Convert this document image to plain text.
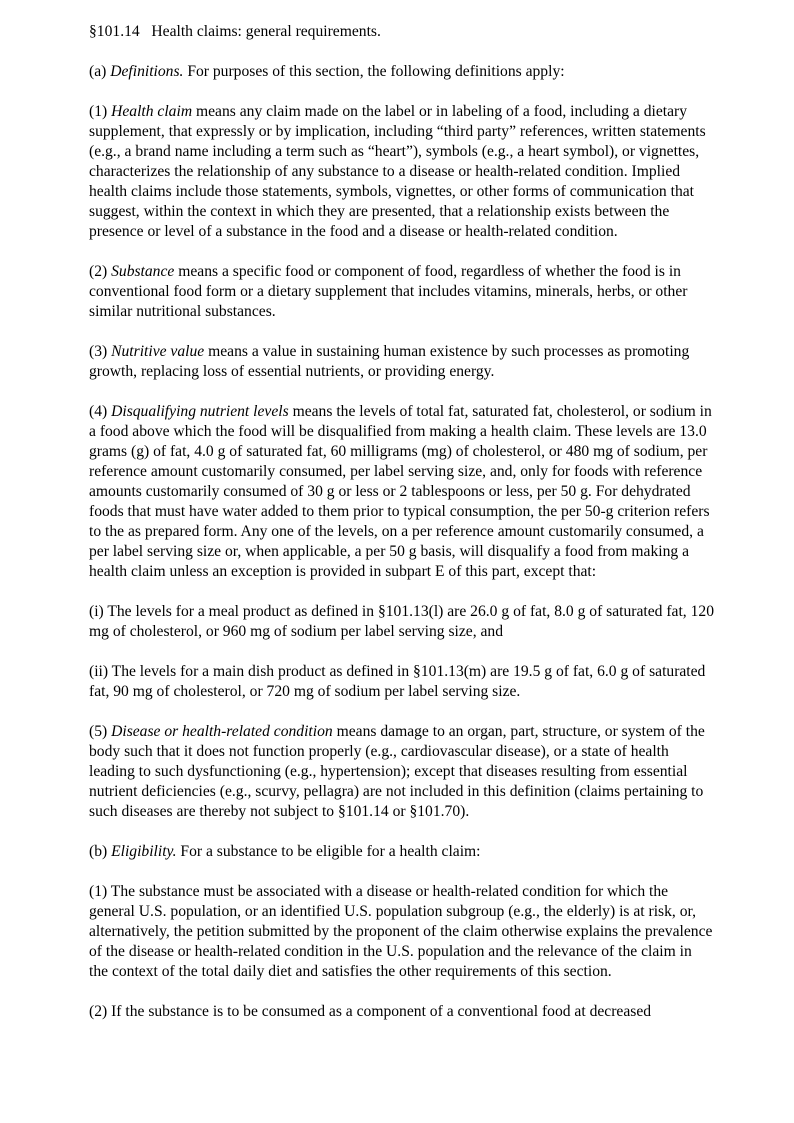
§101.14 Health claims: general requirements.

(a) Definitions. For purposes of this section, the following definitions apply:

(1) Health claim means any claim made on the label or in labeling of a food, including a dietary supplement, that expressly or by implication, including “third party” references, written statements (e.g., a brand name including a term such as “heart”), symbols (e.g., a heart symbol), or vignettes, characterizes the relationship of any substance to a disease or health-related condition. Implied health claims include those statements, symbols, vignettes, or other forms of communication that suggest, within the context in which they are presented, that a relationship exists between the presence or level of a substance in the food and a disease or health-related condition.

(2) Substance means a specific food or component of food, regardless of whether the food is in conventional food form or a dietary supplement that includes vitamins, minerals, herbs, or other similar nutritional substances.

(3) Nutritive value means a value in sustaining human existence by such processes as promoting growth, replacing loss of essential nutrients, or providing energy.

(4) Disqualifying nutrient levels means the levels of total fat, saturated fat, cholesterol, or sodium in a food above which the food will be disqualified from making a health claim. These levels are 13.0 grams (g) of fat, 4.0 g of saturated fat, 60 milligrams (mg) of cholesterol, or 480 mg of sodium, per reference amount customarily consumed, per label serving size, and, only for foods with reference amounts customarily consumed of 30 g or less or 2 tablespoons or less, per 50 g. For dehydrated foods that must have water added to them prior to typical consumption, the per 50-g criterion refers to the as prepared form. Any one of the levels, on a per reference amount customarily consumed, a per label serving size or, when applicable, a per 50 g basis, will disqualify a food from making a health claim unless an exception is provided in subpart E of this part, except that:

(i) The levels for a meal product as defined in §101.13(l) are 26.0 g of fat, 8.0 g of saturated fat, 120 mg of cholesterol, or 960 mg of sodium per label serving size, and

(ii) The levels for a main dish product as defined in §101.13(m) are 19.5 g of fat, 6.0 g of saturated fat, 90 mg of cholesterol, or 720 mg of sodium per label serving size.

(5) Disease or health-related condition means damage to an organ, part, structure, or system of the body such that it does not function properly (e.g., cardiovascular disease), or a state of health leading to such dysfunctioning (e.g., hypertension); except that diseases resulting from essential nutrient deficiencies (e.g., scurvy, pellagra) are not included in this definition (claims pertaining to such diseases are thereby not subject to §101.14 or §101.70).

(b) Eligibility. For a substance to be eligible for a health claim:

(1) The substance must be associated with a disease or health-related condition for which the general U.S. population, or an identified U.S. population subgroup (e.g., the elderly) is at risk, or, alternatively, the petition submitted by the proponent of the claim otherwise explains the prevalence of the disease or health-related condition in the U.S. population and the relevance of the claim in the context of the total daily diet and satisfies the other requirements of this section.

(2) If the substance is to be consumed as a component of a conventional food at decreased
